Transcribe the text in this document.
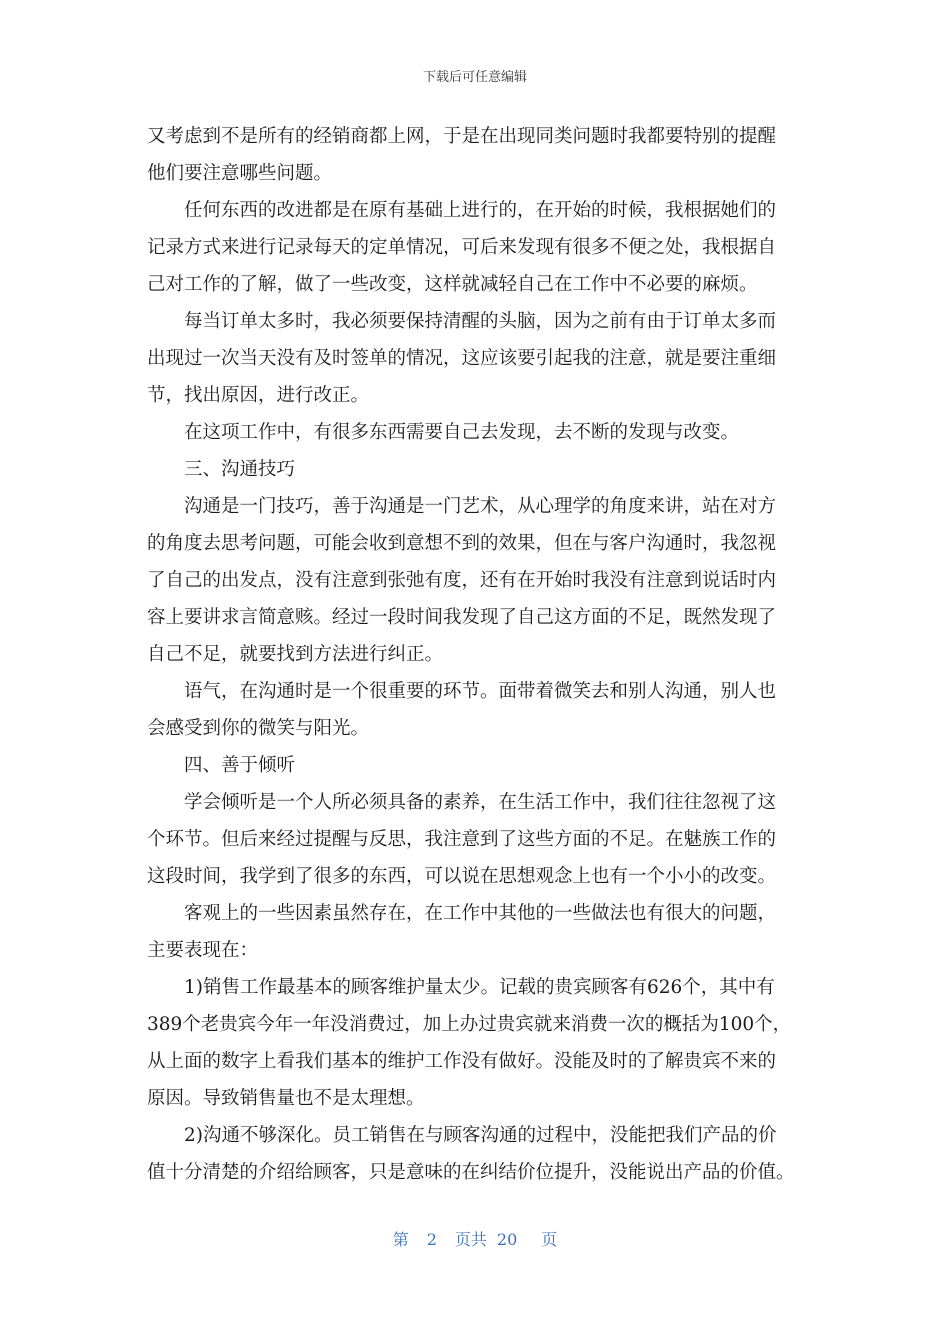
下载后可任意编辑
又考虑到不是所有的经销商都上网，于是在出现同类问题时我都要特别的提醒
他们要注意哪些问题。
任何东西的改进都是在原有基础上进行的，在开始的时候，我根据她们的
记录方式来进行记录每天的定单情况，可后来发现有很多不便之处，我根据自
己对工作的了解，做了一些改变，这样就减轻自己在工作中不必要的麻烦。
每当订单太多时，我必须要保持清醒的头脑，因为之前有由于订单太多而
出现过一次当天没有及时签单的情况，这应该要引起我的注意，就是要注重细
节，找出原因，进行改正。
在这项工作中，有很多东西需要自己去发现，去不断的发现与改变。
三、沟通技巧
沟通是一门技巧，善于沟通是一门艺术，从心理学的角度来讲，站在对方
的角度去思考问题，可能会收到意想不到的效果，但在与客户沟通时，我忽视
了自己的出发点，没有注意到张弛有度，还有在开始时我没有注意到说话时内
容上要讲求言简意赅。经过一段时间我发现了自己这方面的不足，既然发现了
自己不足，就要找到方法进行纠正。
语气，在沟通时是一个很重要的环节。面带着微笑去和别人沟通，别人也
会感受到你的微笑与阳光。
四、善于倾听
学会倾听是一个人所必须具备的素养，在生活工作中，我们往往忽视了这
个环节。但后来经过提醒与反思，我注意到了这些方面的不足。在魅族工作的
这段时间，我学到了很多的东西，可以说在思想观念上也有一个小小的改变。
客观上的一些因素虽然存在，在工作中其他的一些做法也有很大的问题，
主要表现在：
1)销售工作最基本的顾客维护量太少。记载的贵宾顾客有626个，其中有
389个老贵宾今年一年没消费过，加上办过贵宾就来消费一次的概括为100个，
从上面的数字上看我们基本的维护工作没有做好。没能及时的了解贵宾不来的
原因。导致销售量也不是太理想。
2)沟通不够深化。员工销售在与顾客沟通的过程中，没能把我们产品的价
值十分清楚的介绍给顾客，只是意味的在纠结价位提升，没能说出产品的价值。
第 2 页共 20 页
